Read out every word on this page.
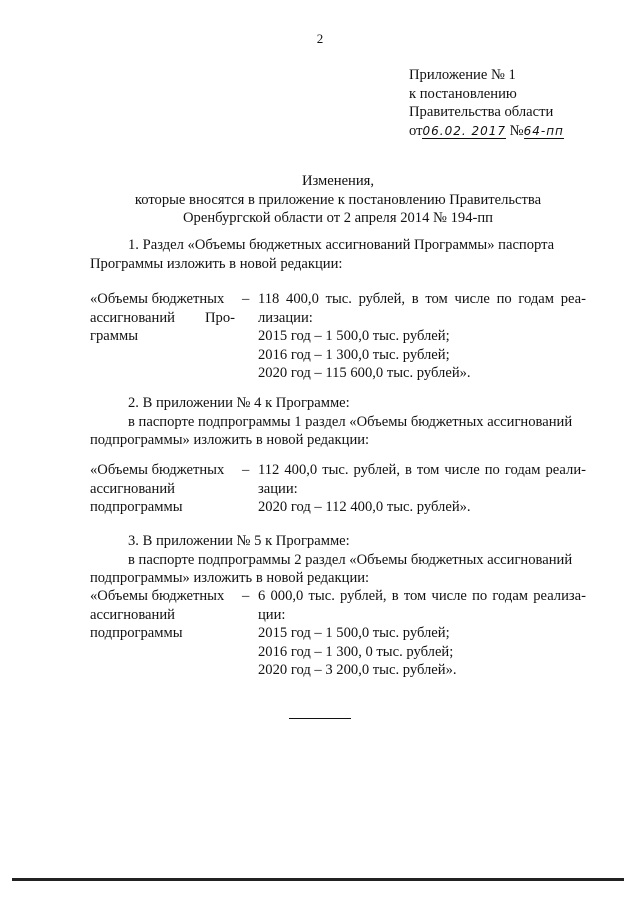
2
Приложение № 1
к постановлению
Правительства области
от06.02. 2017 №64-пп
Изменения,
которые вносятся в приложение к постановлению Правительства
Оренбургской области от 2 апреля 2014 № 194-пп
1. Раздел «Объемы бюджетных ассигнований Программы» паспорта
Программы изложить в новой редакции:
«Объемы бюджетных
ассигнований Про-
граммы
– 118 400,0 тыс. рублей, в том числе по годам реа-
лизации:
2015 год – 1 500,0 тыс. рублей;
2016 год – 1 300,0 тыс. рублей;
2020 год – 115 600,0 тыс. рублей».
2. В приложении № 4 к Программе:
в паспорте подпрограммы 1 раздел «Объемы бюджетных ассигнований
подпрограммы» изложить в новой редакции:
«Объемы бюджетных
ассигнований
подпрограммы
– 112 400,0 тыс. рублей, в том числе по годам реали-
зации:
2020 год – 112 400,0 тыс. рублей».
3. В приложении № 5 к Программе:
в паспорте подпрограммы 2 раздел «Объемы бюджетных ассигнований
подпрограммы» изложить в новой редакции:
«Объемы бюджетных
ассигнований
подпрограммы
– 6 000,0 тыс. рублей, в том числе по годам реализа-
ции:
2015 год – 1 500,0 тыс. рублей;
2016 год – 1 300, 0 тыс. рублей;
2020 год – 3 200,0 тыс. рублей».
